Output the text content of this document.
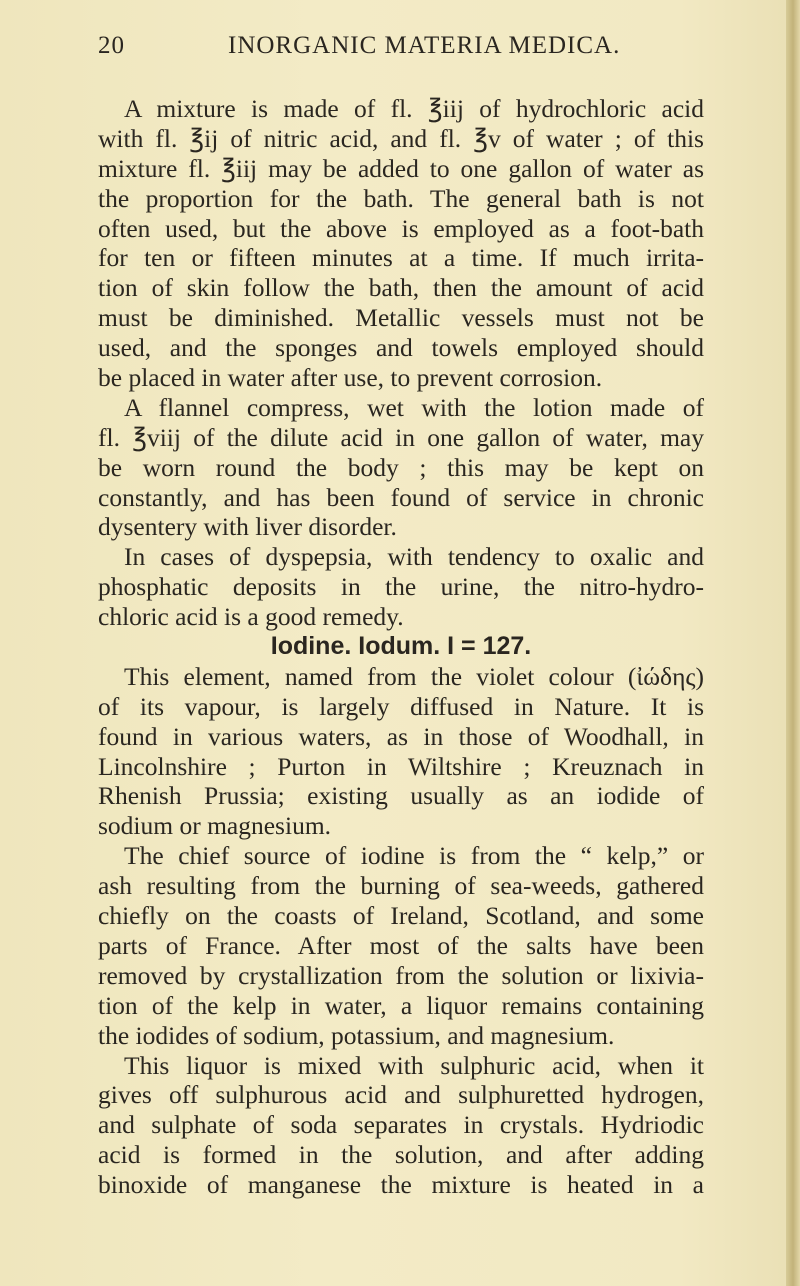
20	INORGANIC MATERIA MEDICA.
A mixture is made of fl. ℥iij of hydrochloric acid
with fl. ℥ij of nitric acid, and fl. ℥v of water ; of this
mixture fl. ℥iij may be added to one gallon of water as
the proportion for the bath. The general bath is not
often used, but the above is employed as a foot-bath
for ten or fifteen minutes at a time. If much irrita-
tion of skin follow the bath, then the amount of acid
must be diminished. Metallic vessels must not be
used, and the sponges and towels employed should
be placed in water after use, to prevent corrosion.
A flannel compress, wet with the lotion made of
fl. ℥viij of the dilute acid in one gallon of water, may
be worn round the body ; this may be kept on
constantly, and has been found of service in chronic
dysentery with liver disorder.
In cases of dyspepsia, with tendency to oxalic and
phosphatic deposits in the urine, the nitro-hydro-
chloric acid is a good remedy.
Iodine. Iodum. I = 127.
This element, named from the violet colour (ἰώδης)
of its vapour, is largely diffused in Nature. It is
found in various waters, as in those of Woodhall, in
Lincolnshire ; Purton in Wiltshire ; Kreuznach in
Rhenish Prussia; existing usually as an iodide of
sodium or magnesium.
The chief source of iodine is from the “ kelp,” or
ash resulting from the burning of sea-weeds, gathered
chiefly on the coasts of Ireland, Scotland, and some
parts of France. After most of the salts have been
removed by crystallization from the solution or lixivia-
tion of the kelp in water, a liquor remains containing
the iodides of sodium, potassium, and magnesium.
This liquor is mixed with sulphuric acid, when it
gives off sulphurous acid and sulphuretted hydrogen,
and sulphate of soda separates in crystals. Hydriodic
acid is formed in the solution, and after adding
binoxide of manganese the mixture is heated in a
